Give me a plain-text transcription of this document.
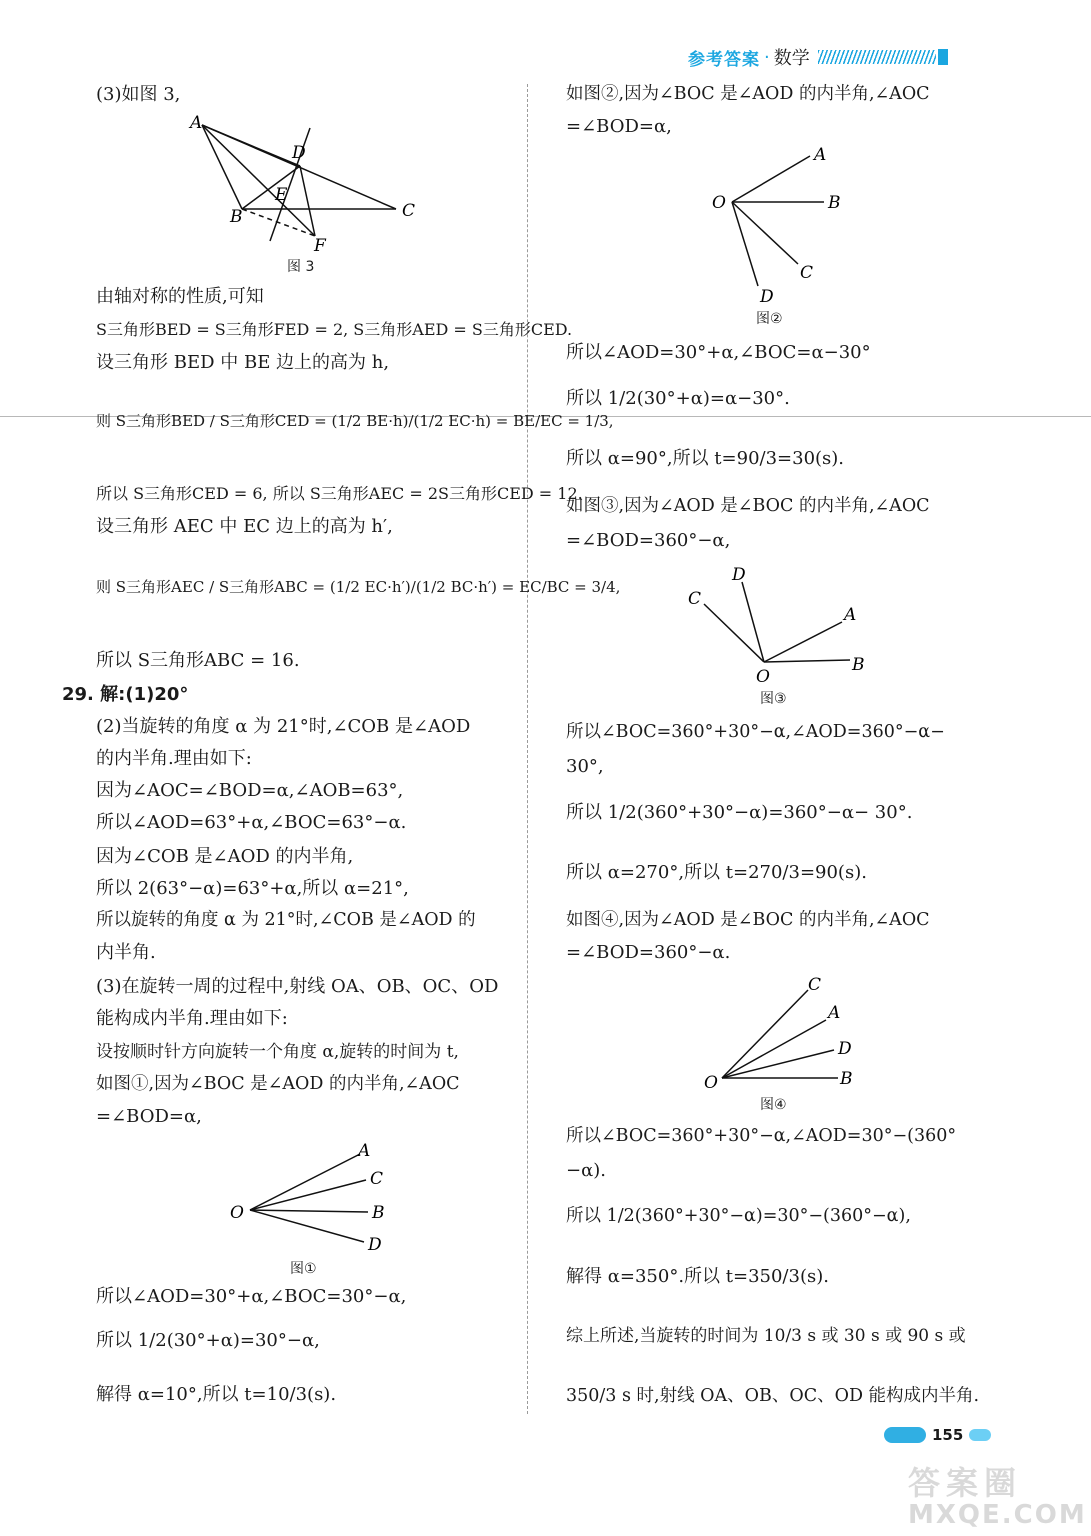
参考答案 · 数学
(3)如图 3,
A
D
E
B	C
F
图 3
由轴对称的性质,可知
S三角形BED = S三角形FED = 2, S三角形AED = S三角形CED.
设三角形 BED 中 BE 边上的高为 h,
则 S三角形BED / S三角形CED = (1/2 BE·h)/(1/2 EC·h) = BE/EC = 1/3,
所以 S三角形CED = 6, 所以 S三角形AEC = 2S三角形CED = 12.
设三角形 AEC 中 EC 边上的高为 h′,
则 S三角形AEC / S三角形ABC = (1/2 EC·h′)/(1/2 BC·h′) = EC/BC = 3/4,
所以 S三角形ABC = 16.
29. 解:(1)20°
(2)当旋转的角度 α 为 21°时,∠COB 是∠AOD
的内半角.理由如下:
因为∠AOC=∠BOD=α,∠AOB=63°,
所以∠AOD=63°+α,∠BOC=63°−α.
因为∠COB 是∠AOD 的内半角,
所以 2(63°−α)=63°+α,所以 α=21°,
所以旋转的角度 α 为 21°时,∠COB 是∠AOD 的
内半角.
(3)在旋转一周的过程中,射线 OA、OB、OC、OD
能构成内半角.理由如下:
设按顺时针方向旋转一个角度 α,旋转的时间为 t,
如图①,因为∠BOC 是∠AOD 的内半角,∠AOC
=∠BOD=α,
O
A
C
B
D
图①
所以∠AOD=30°+α,∠BOC=30°−α,
所以 1/2(30°+α)=30°−α,
解得 α=10°,所以 t=10/3(s).
如图②,因为∠BOC 是∠AOD 的内半角,∠AOC
=∠BOD=α,
O
A
B
C
D
图②
所以∠AOD=30°+α,∠BOC=α−30°
所以 1/2(30°+α)=α−30°.
所以 α=90°,所以 t=90/3=30(s).
如图③,因为∠AOD 是∠BOC 的内半角,∠AOC
=∠BOD=360°−α,
O
D
C
A
B
图③
所以∠BOC=360°+30°−α,∠AOD=360°−α−
30°,
所以 1/2(360°+30°−α)=360°−α− 30°.
所以 α=270°,所以 t=270/3=90(s).
如图④,因为∠AOD 是∠BOC 的内半角,∠AOC
=∠BOD=360°−α.
O
C
A
D
B
图④
所以∠BOC=360°+30°−α,∠AOD=30°−(360°
−α).
所以 1/2(360°+30°−α)=30°−(360°−α),
解得 α=350°.所以 t=350/3(s).
综上所述,当旋转的时间为 10/3 s 或 30 s 或 90 s 或
350/3 s 时,射线 OA、OB、OC、OD 能构成内半角.
155
答案圈
MXQE.COM
